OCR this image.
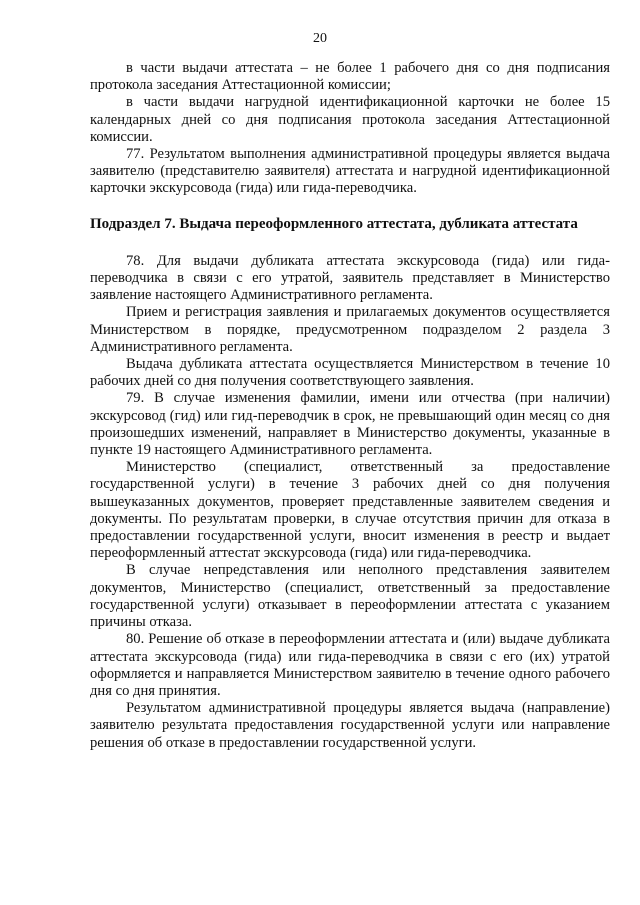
20

в части выдачи аттестата – не более 1 рабочего дня со дня подписания протокола заседания Аттестационной комиссии;

в части выдачи нагрудной идентификационной карточки не более 15 календарных дней со дня подписания протокола заседания Аттестационной комиссии.

77. Результатом выполнения административной процедуры является выдача заявителю (представителю заявителя) аттестата и нагрудной идентификационной карточки экскурсовода (гида) или гида-переводчика.

Подраздел 7. Выдача переоформленного аттестата, дубликата аттестата

78. Для выдачи дубликата аттестата экскурсовода (гида) или гида-переводчика в связи с его утратой, заявитель представляет в Министерство заявление настоящего Административного регламента.

Прием и регистрация заявления и прилагаемых документов осуществляется Министерством в порядке, предусмотренном подразделом 2 раздела 3 Административного регламента.

Выдача дубликата аттестата осуществляется Министерством в течение 10 рабочих дней со дня получения соответствующего заявления.

79. В случае изменения фамилии, имени или отчества (при наличии) экскурсовод (гид) или гид-переводчик в срок, не превышающий один месяц со дня произошедших изменений, направляет в Министерство документы, указанные в пункте 19 настоящего Административного регламента.

Министерство (специалист, ответственный за предоставление государственной услуги) в течение 3 рабочих дней со дня получения вышеуказанных документов, проверяет представленные заявителем сведения и документы. По результатам проверки, в случае отсутствия причин для отказа в предоставлении государственной услуги, вносит изменения в реестр и выдает переоформленный аттестат экскурсовода (гида) или гида-переводчика.

В случае непредставления или неполного представления заявителем документов, Министерство (специалист, ответственный за предоставление государственной услуги) отказывает в переоформлении аттестата с указанием причины отказа.

80. Решение об отказе в переоформлении аттестата и (или) выдаче дубликата аттестата экскурсовода (гида) или гида-переводчика в связи с его (их) утратой оформляется и направляется Министерством заявителю в течение одного рабочего дня со дня принятия.

Результатом административной процедуры является выдача (направление) заявителю результата предоставления государственной услуги или направление решения об отказе в предоставлении государственной услуги.
